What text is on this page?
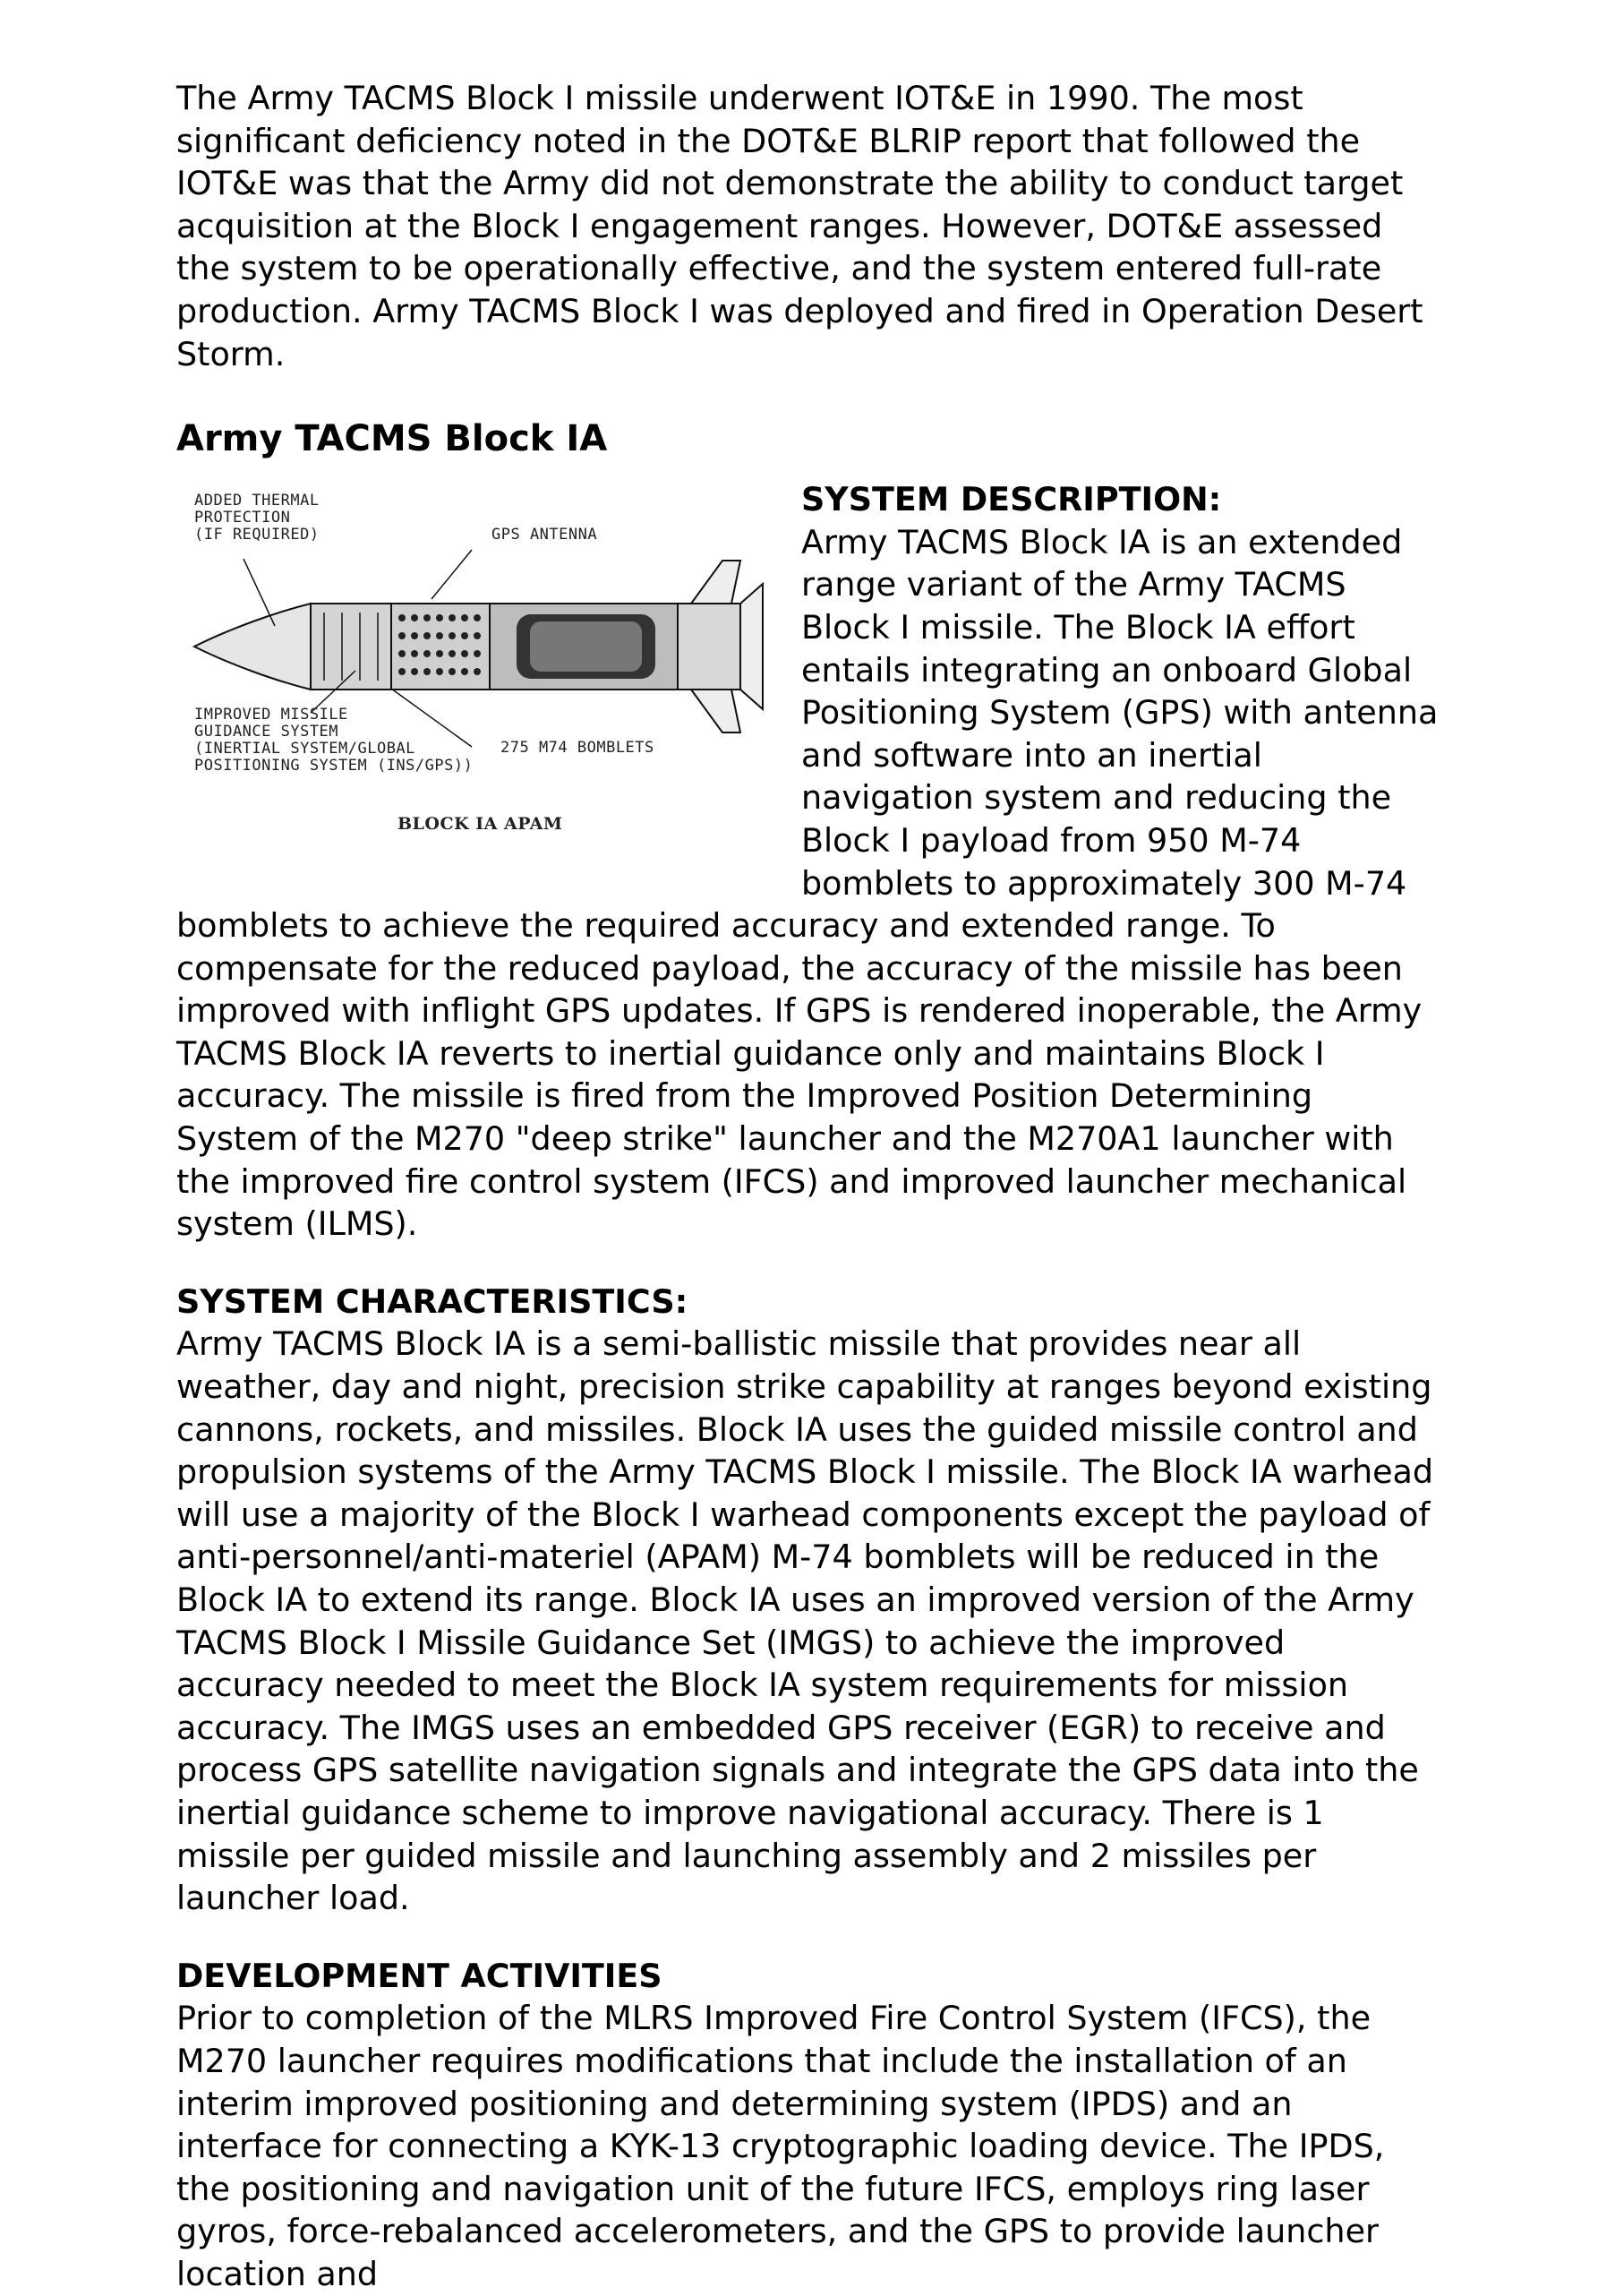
The Army TACMS Block I missile underwent IOT&E in 1990. The most significant deficiency noted in the DOT&E BLRIP report that followed the IOT&E was that the Army did not demonstrate the ability to conduct target acquisition at the Block I engagement ranges. However, DOT&E assessed the system to be operationally effective, and the system entered full-rate production. Army TACMS Block I was deployed and fired in Operation Desert Storm.

Army TACMS Block IA
ADDED THERMAL
PROTECTION
(IF REQUIRED)	GPS ANTENNA
IMPROVED MISSILE
GUIDANCE SYSTEM
(INERTIAL SYSTEM/GLOBAL
POSITIONING SYSTEM (INS/GPS))
275 M74 BOMBLETS
BLOCK IA APAM
SYSTEM DESCRIPTION:
Army TACMS Block IA is an extended range variant of the Army TACMS Block I missile. The Block IA effort entails integrating an onboard Global Positioning System (GPS) with antenna and software into an inertial navigation system and reducing the Block I payload from 950 M-74 bomblets to approximately 300 M-74 bomblets to achieve the required accuracy and extended range. To compensate for the reduced payload, the accuracy of the missile has been improved with inflight GPS updates. If GPS is rendered inoperable, the Army TACMS Block IA reverts to inertial guidance only and maintains Block I accuracy. The missile is fired from the Improved Position Determining System of the M270 "deep strike" launcher and the M270A1 launcher with the improved fire control system (IFCS) and improved launcher mechanical system (ILMS).
SYSTEM CHARACTERISTICS:

Army TACMS Block IA is a semi-ballistic missile that provides near all weather, day and night, precision strike capability at ranges beyond existing cannons, rockets, and missiles. Block IA uses the guided missile control and propulsion systems of the Army TACMS Block I missile. The Block IA warhead will use a majority of the Block I warhead components except the payload of anti-personnel/anti-materiel (APAM) M-74 bomblets will be reduced in the Block IA to extend its range. Block IA uses an improved version of the Army TACMS Block I Missile Guidance Set (IMGS) to achieve the improved accuracy needed to meet the Block IA system requirements for mission accuracy. The IMGS uses an embedded GPS receiver (EGR) to receive and process GPS satellite navigation signals and integrate the GPS data into the inertial guidance scheme to improve navigational accuracy. There is 1 missile per guided missile and launching assembly and 2 missiles per launcher load.

DEVELOPMENT ACTIVITIES

Prior to completion of the MLRS Improved Fire Control System (IFCS), the M270 launcher requires modifications that include the installation of an interim improved positioning and determining system (IPDS) and an interface for connecting a KYK-13 cryptographic loading device. The IPDS, the positioning and navigation unit of the future IFCS, employs ring laser gyros, force-rebalanced accelerometers, and the GPS to provide launcher location and
